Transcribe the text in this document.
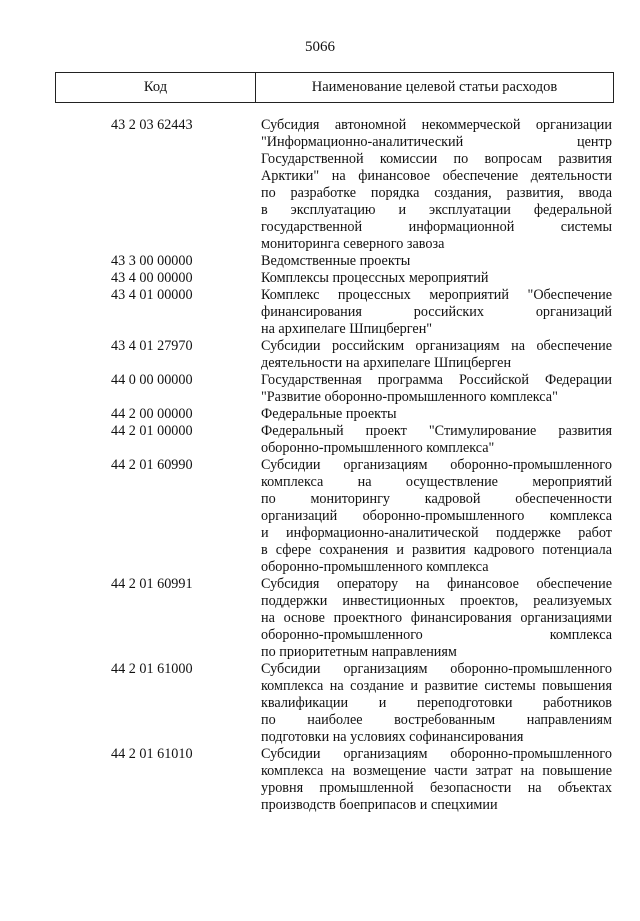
5066
Код	Наименование целевой статьи расходов
43 2 03 62443	Субсидия автономной некоммерческой организации
"Информационно-аналитический центр
Государственной комиссии по вопросам развития
Арктики" на финансовое обеспечение деятельности
по разработке порядка создания, развития, ввода
в эксплуатацию и эксплуатации федеральной
государственной информационной системы
мониторинга северного завоза
43 3 00 00000	Ведомственные проекты
43 4 00 00000	Комплексы процессных мероприятий
43 4 01 00000	Комплекс процессных мероприятий "Обеспечение
финансирования российских организаций
на архипелаге Шпицберген"
43 4 01 27970	Субсидии российским организациям на обеспечение
деятельности на архипелаге Шпицберген
44 0 00 00000	Государственная программа Российской Федерации
"Развитие оборонно-промышленного комплекса"
44 2 00 00000	Федеральные проекты
44 2 01 00000	Федеральный проект "Стимулирование развития
оборонно-промышленного комплекса"
44 2 01 60990	Субсидии организациям оборонно-промышленного
комплекса на осуществление мероприятий
по мониторингу кадровой обеспеченности
организаций оборонно-промышленного комплекса
и информационно-аналитической поддержке работ
в сфере сохранения и развития кадрового потенциала
оборонно-промышленного комплекса
44 2 01 60991	Субсидия оператору на финансовое обеспечение
поддержки инвестиционных проектов, реализуемых
на основе проектного финансирования организациями
оборонно-промышленного комплекса
по приоритетным направлениям
44 2 01 61000	Субсидии организациям оборонно-промышленного
комплекса на создание и развитие системы повышения
квалификации и переподготовки работников
по наиболее востребованным направлениям
подготовки на условиях софинансирования
44 2 01 61010	Субсидии организациям оборонно-промышленного
комплекса на возмещение части затрат на повышение
уровня промышленной безопасности на объектах
производств боеприпасов и спецхимии
